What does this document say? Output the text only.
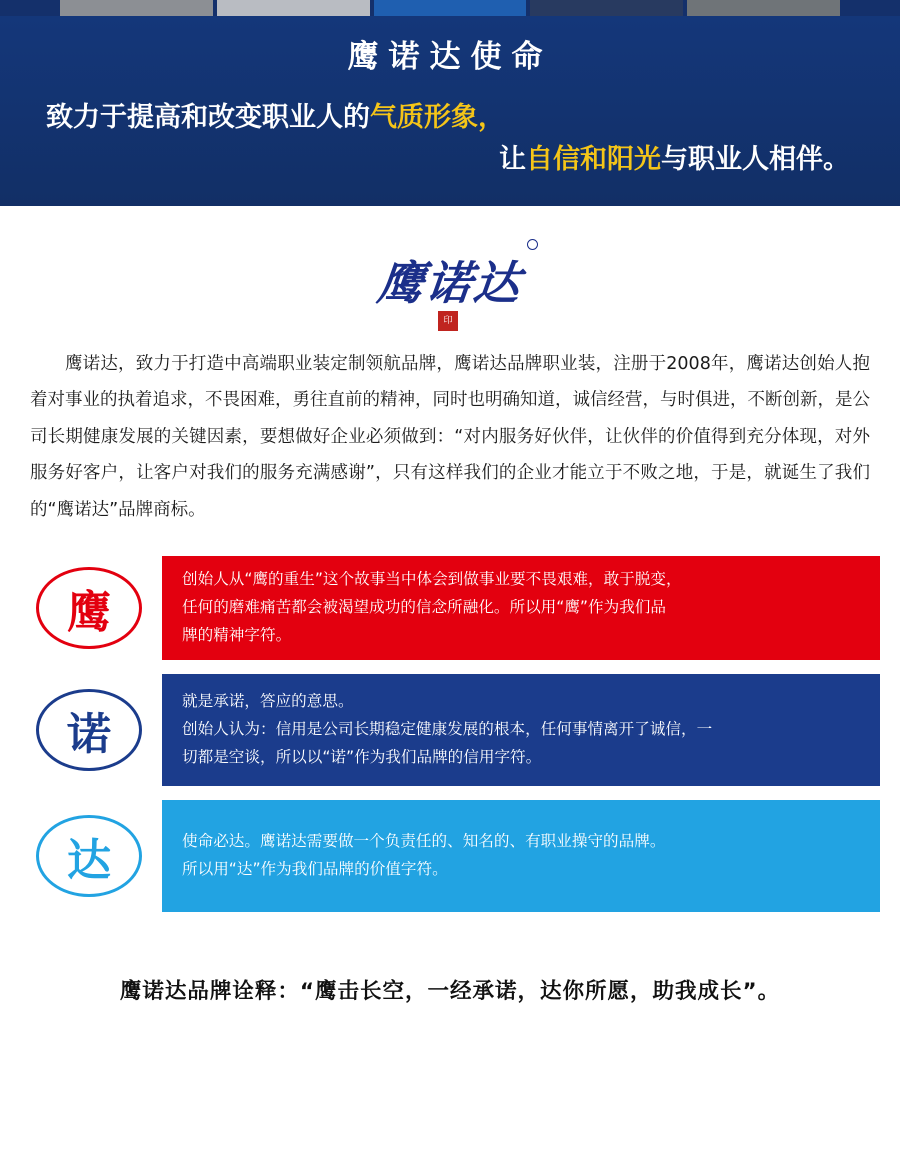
鹰诺达使命
致力于提高和改变职业人的气质形象，
让自信和阳光与职业人相伴。
鹰诺达
印
鹰诺达，致力于打造中高端职业装定制领航品牌，鹰诺达品牌职业装，注册于2008年，鹰诺达创始人抱着对事业的执着追求，不畏困难，勇往直前的精神，同时也明确知道，诚信经营，与时俱进，不断创新，是公司长期健康发展的关键因素，要想做好企业必须做到：“对内服务好伙伴，让伙伴的价值得到充分体现，对外服务好客户，让客户对我们的服务充满感谢”，只有这样我们的企业才能立于不败之地，于是，就诞生了我们的“鹰诺达”品牌商标。
鹰
创始人从“鹰的重生”这个故事当中体会到做事业要不畏艰难，敢于脱变，
任何的磨难痛苦都会被渴望成功的信念所融化。所以用“鹰”作为我们品
牌的精神字符。
诺
就是承诺，答应的意思。
创始人认为：信用是公司长期稳定健康发展的根本，任何事情离开了诚信，一
切都是空谈，所以以“诺”作为我们品牌的信用字符。
达	使命必达。鹰诺达需要做一个负责任的、知名的、有职业操守的品牌。
所以用“达”作为我们品牌的价值字符。
鹰诺达品牌诠释：“鹰击长空，一经承诺，达你所愿，助我成长”。
